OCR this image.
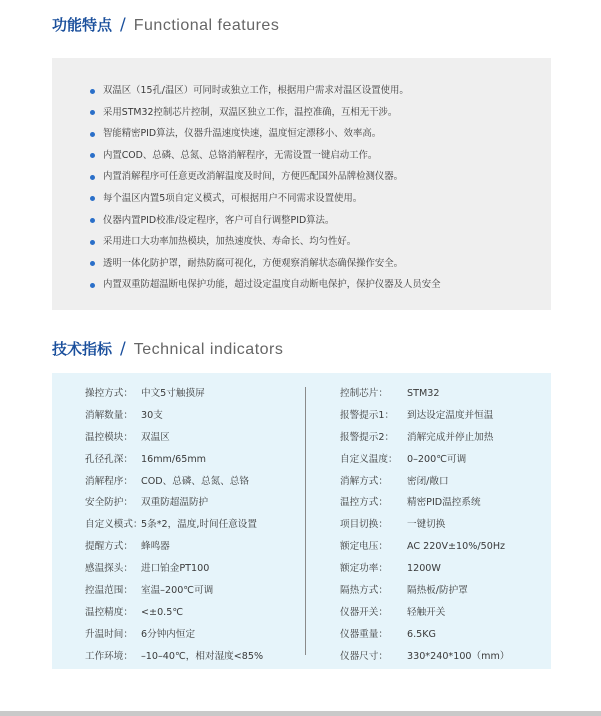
功能特点 / Functional features
双温区（15孔/温区）可同时或独立工作，根据用户需求对温区设置使用。
采用STM32控制芯片控制，双温区独立工作，温控准确，互相无干涉。
智能精密PID算法，仪器升温速度快速，温度恒定漂移小、效率高。
内置COD、总磷、总氮、总铬消解程序，无需设置一键启动工作。
内置消解程序可任意更改消解温度及时间，方便匹配国外品牌检测仪器。
每个温区内置5项自定义模式，可根据用户不同需求设置使用。
仪器内置PID校准/设定程序，客户可自行调整PID算法。
采用进口大功率加热模块，加热速度快、寿命长、均匀性好。
透明一体化防护罩，耐热防腐可视化，方便观察消解状态确保操作安全。
内置双重防超温断电保护功能，超过设定温度自动断电保护，保护仪器及人员安全
技术指标 / Technical indicators
操控方式： 中文5寸触摸屏
消解数量： 30支
温控模块： 双温区
孔径孔深： 16mm/65mm
消解程序： COD、总磷、总氮、总铬
安全防护： 双重防超温防护
自定义模式：
5条*2，温度,时间任意设置
提醒方式： 蜂鸣器
感温探头： 进口铂金PT100
控温范围： 室温–200℃可调
温控精度： <±0.5℃
升温时间： 6分钟内恒定
工作环境： –10–40℃，相对湿度<85%
控制芯片：	STM32
报警提示1：	到达设定温度并恒温
报警提示2：	消解完成并停止加热
自定义温度： 0–200℃可调
消解方式：	密闭/敞口
温控方式：	精密PID温控系统
项目切换：	一键切换
额定电压：	AC 220V±10%/50Hz
额定功率：	1200W
隔热方式：	隔热板/防护罩
仪器开关：	轻触开关
仪器重量：	6.5KG
仪器尺寸：	330*240*100（mm）
